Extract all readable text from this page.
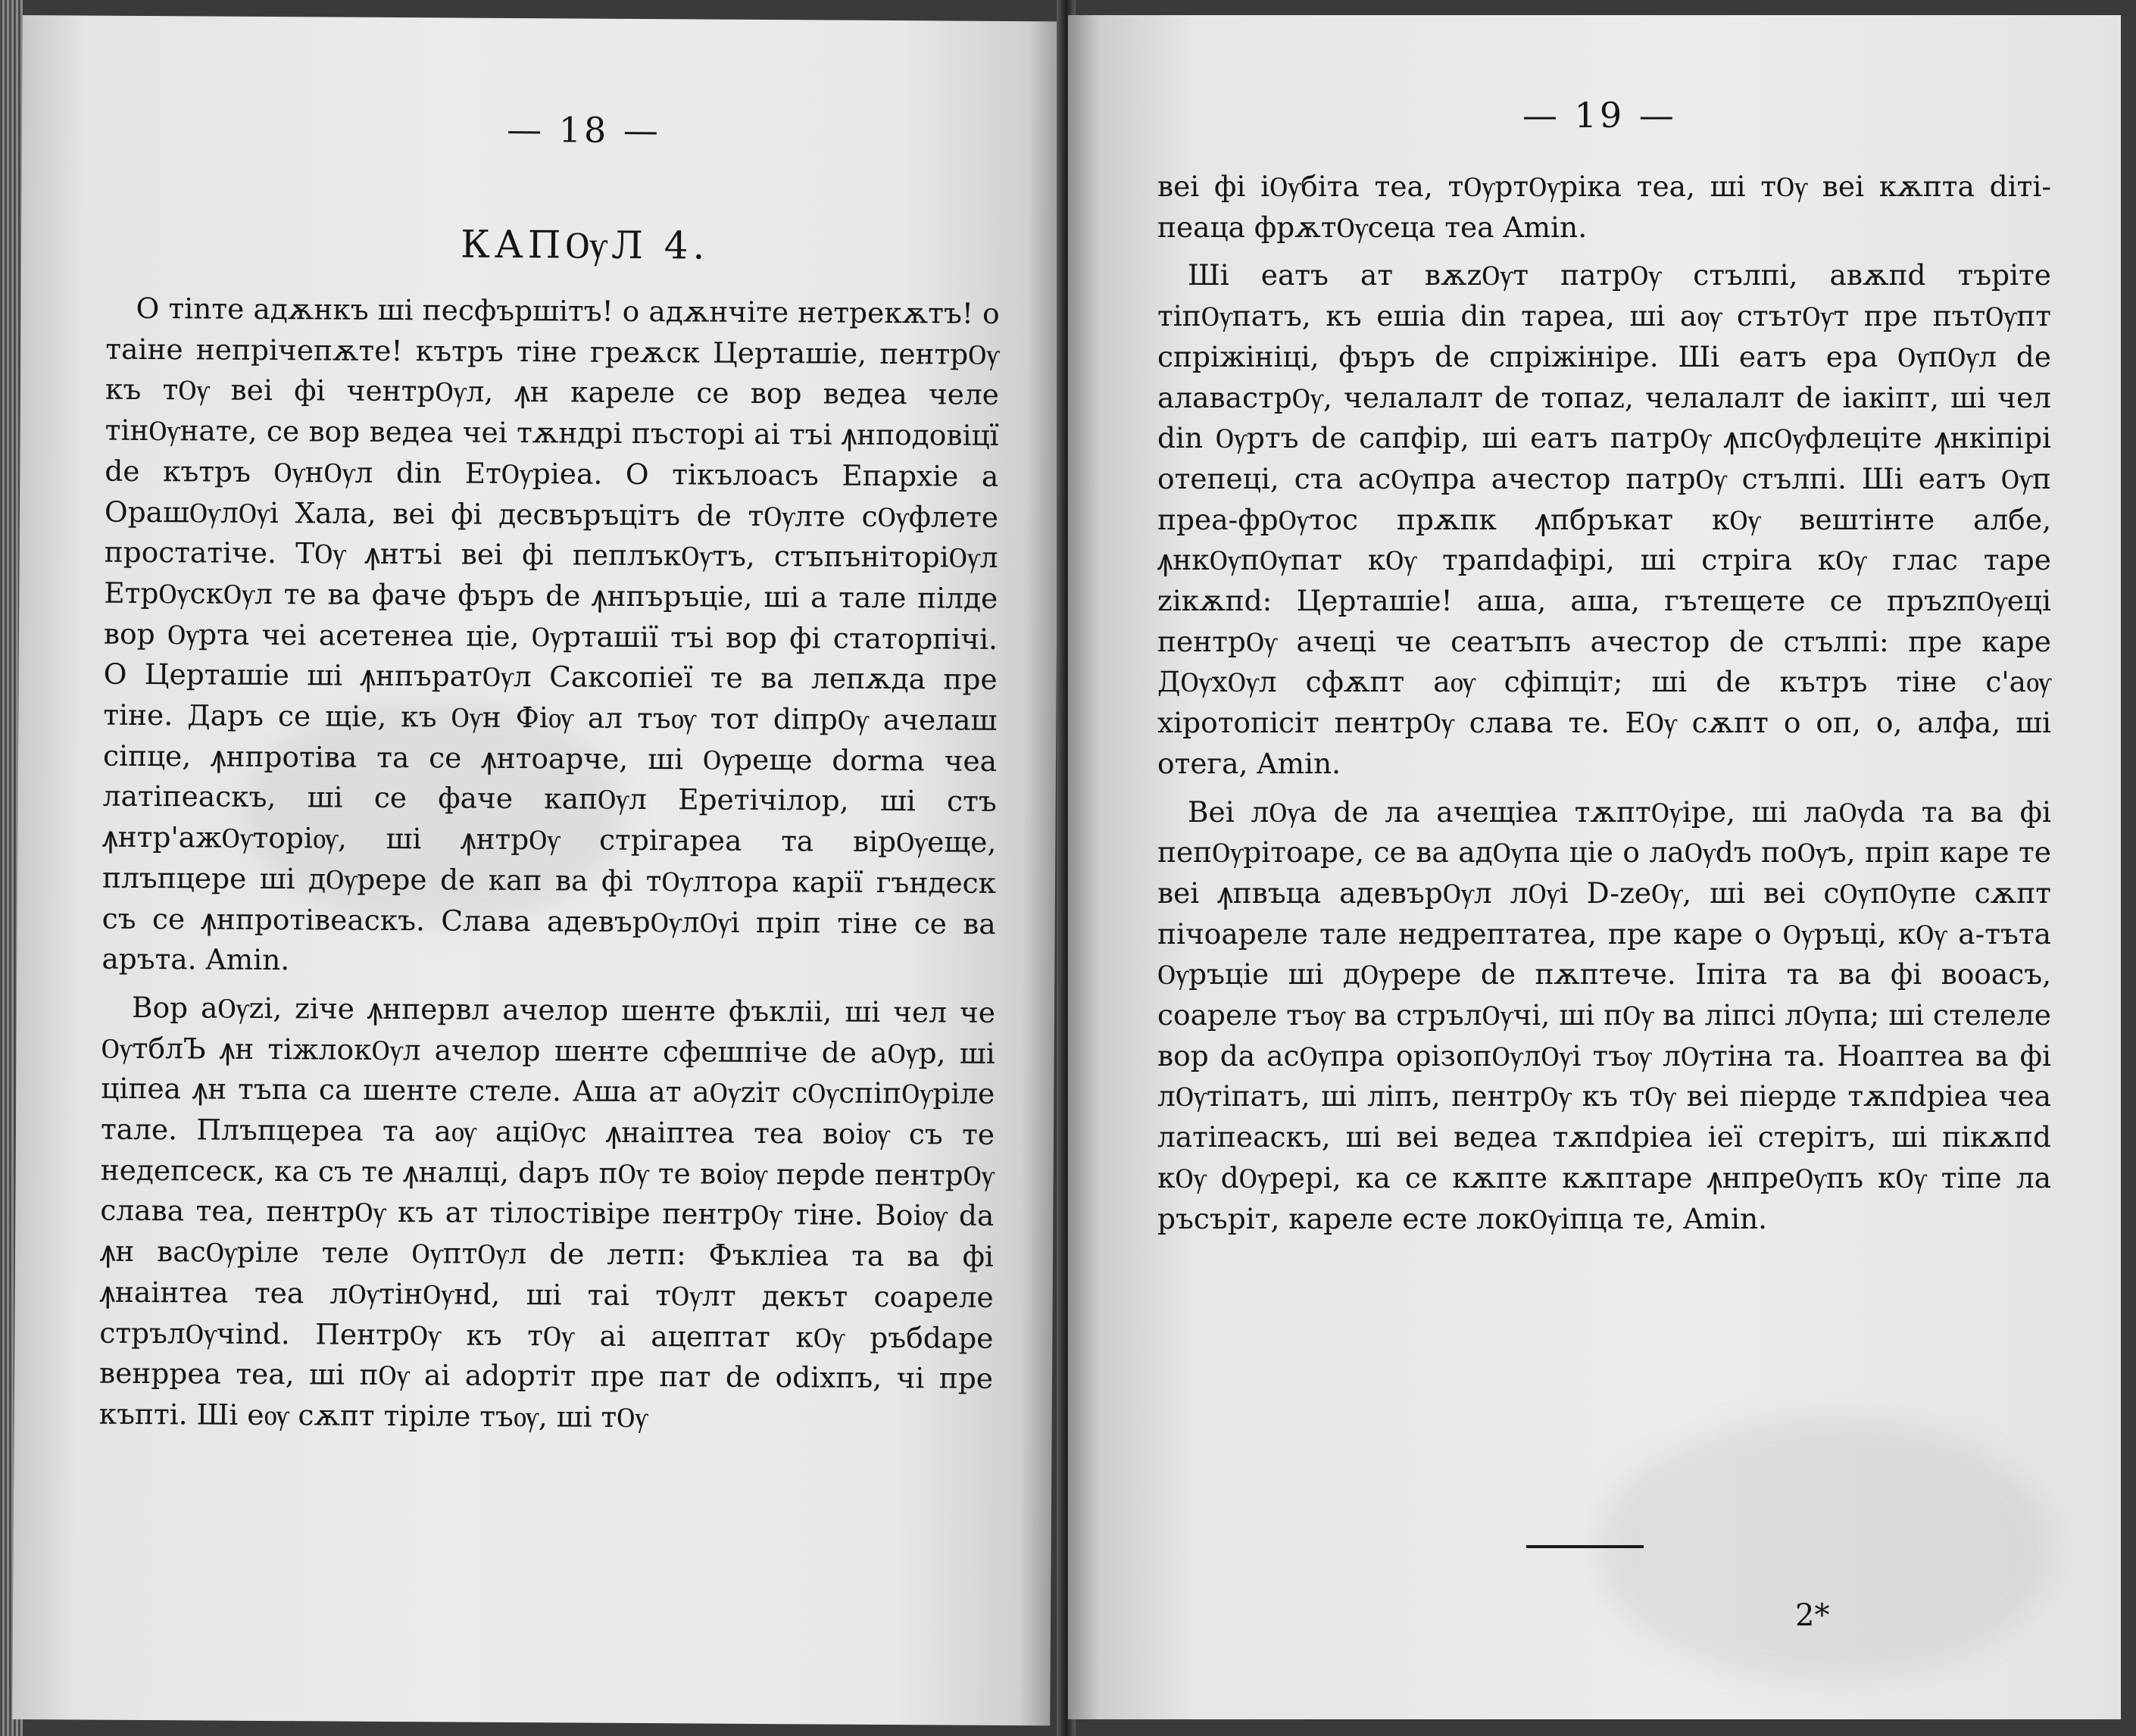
— 18 —
КАПѸЛ 4.

О тinте адѫнкъ ші песфършітъ! о адѫнчіте нетрекѫтъ! о таіне непрічепѫте! кътръ тіне греѫск Церташіе, пентрѸ къ тѸ веі фі чентрѸл, ꙟн кареле се вор ведеа челе тінѸнате, се вор ведеа чеі тѫндрі пъсторі аі тъі ꙟнподовіцї de кътръ ѸнѸл din ЕтѸріеа. О тікълоасъ Епархіе а ОрашѸлѸі Хала, веі фі десвъръцітъ de тѸлте сѸфлете простатіче. ТѸ ꙟнтъі веі фі пеплъкѸтъ, стъпъніторіѸл ЕтрѸскѸл те ва фаче фъръ de ꙟнпъръціе, ші а тале пілде вор Ѹрта чеі асетенеа ціе, Ѹрташії тъі вор фі статорпічі. О Церташіе ші ꙟнпъратѸл Саксопіеї те ва лепѫда пре тіне. Даръ се щіе, къ Ѹн Фіѹ ал тъѹ тот dіпрѸ ачелаш сіпце, ꙟнпротіва та се ꙟнтоарче, ші Ѹреще dorma чеа латіпеаскъ, ші се фаче капѸл Еретічілор, ші стъ ꙟнтр'ажѸторіѹ, ші ꙟнтрѸ стрігареа та вірѸеще, плъпцере ші дѸрере de кап ва фі тѸлтора карії гъндеск съ се ꙟнпротівеаскъ. Слава адевърѸлѸі пріп тіне се ва аръта. Amin.

Вор аѸzі, zіче ꙟнпервл ачелор шенте фъкліі, ші чел че ѸтблЪ ꙟн тіжлокѸл ачелор шенте сфешпіче de аѸр, ші ціпеа ꙟн тъпа са шенте стеле. Аша ат аѸzіт сѸспіпѸріле тале. Плъпцереа та аѹ ацiѸс ꙟнаіптеа теа воіѹ съ те недепсеск, ка съ те ꙟналці, dаръ пѸ те воіѹ перdе пентрѸ слава теа, пентрѸ къ ат тілостівіре пентрѸ тіне. Воіѹ da ꙟн васѸріле теле ѸптѸл de летп: Фъкліеа та ва фі ꙟнаінтеа теа лѸтінѸнd, ші таі тѸлт декът соареле стрълѸчіnd. ПентрѸ къ тѸ аі ацептат кѸ ръбdаре венpреа теа, ші пѸ аі adopтіт пре пат de odіхпъ, чі пре къпті. Ші еѹ сѫпт тіріле тъѹ, ші тѸ

— 19 —

веі фі іѸбіта теа, тѸртѸріка теа, ші тѸ веі кѫпта dіті-пеаца фрѫтѸсеца теа Amin.

Ші еатъ ат вѫzѸт патрѸ стълпі, авѫпd търіте тіпѸпатъ, къ ешіа din тареа, ші аѹ стътѸт пре пътѸпт спріжініці, фъръ de спріжініре. Ші еатъ ера ѸпѸл de алавастрѸ, челалалт de топаz, челалалт de іакіпт, ші чел din Ѹртъ de сапфір, ші еатъ патрѸ ꙟпсѸфлеціте ꙟнкіпірі отепеці, ста асѸпра ачестор патрѸ стълпі. Ші еатъ Ѹп преа-фрѸтос прѫпк ꙟпбръкат кѸ вештінте албе, ꙟнкѸпѸпат кѸ трапdафірі, ші стріга кѸ глас таре zікѫпd: Церташіе! аша, аша, гътещете се пръzпѸеці пентрѸ ачеці че сеатъпъ ачестор de стълпі: пре каре ДѸхѸл сфѫпт аѹ сфіпціт; ші de кътръ тіне с'аѹ хіротопісіт пентрѸ слава те. ЕѸ сѫпт о оп, о, алфа, ші отега, Amin.

Веі лѸа de ла ачещіеа тѫптѸіре, ші лаѸdа та ва фі пепѸрітоаре, се ва адѸпа ціе о лаѸdъ поѸъ, пріп каре те веі ꙟпвъца адевърѸл лѸі D-zеѸ, ші веі сѸпѸпе сѫпт пічоареле тале недрептатеа, пре каре о Ѹръці, кѸ а-тъта Ѹръціе ші дѸрере de пѫптече. Іпіта та ва фі воoасъ, соареле тъѹ ва стрълѸчі, ші пѸ ва ліпсі лѸпа; ші стелеле вор da асѸпра орізопѸлѸі тъѹ лѸтіна та. Ноаптеа ва фі лѸтіпатъ, ші ліпъ, пентрѸ къ тѸ веі пiердe тѫпdріеа чеа латіпеаскъ, ші веі ведеа тѫпdріеа іеї стерітъ, ші пікѫпd кѸ dѸрері, ка се кѫпте кѫптаре ꙟнпреѸпъ кѸ тіпе ла ръсъріт, кареле есте локѸіпца те, Amin.

2*
